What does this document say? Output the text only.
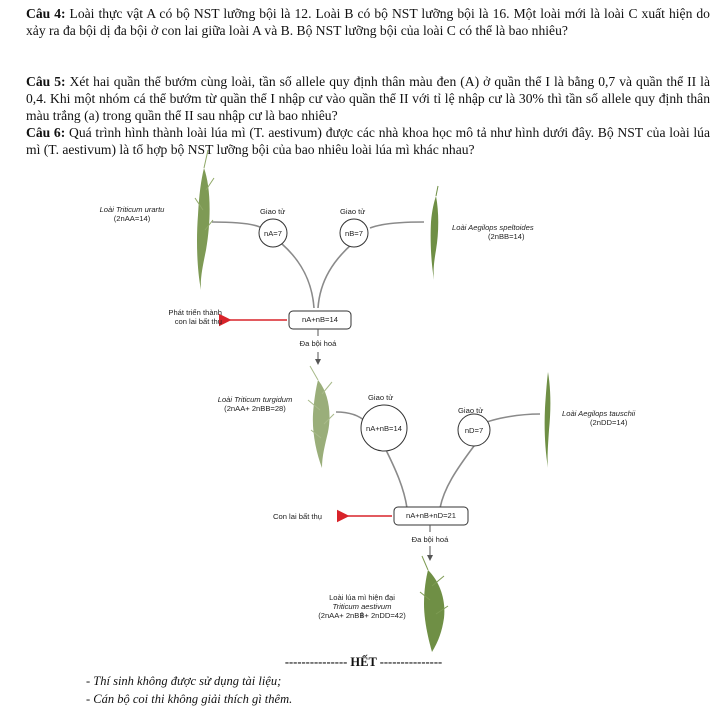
Câu 4: Loài thực vật A có bộ NST lưỡng bội là 12. Loài B có bộ NST lưỡng bội là 16. Một loài mới là loài C xuất hiện do xảy ra đa bội dị đa bội ở con lai giữa loài A và B. Bộ NST lưỡng bội của loài C có thể là bao nhiêu?
Câu 5: Xét hai quần thể bướm cùng loài, tần số allele quy định thân màu đen (A) ở quần thể I là bằng 0,7 và quần thể II là 0,4. Khi một nhóm cá thể bướm từ quần thể I nhập cư vào quần thể II với tỉ lệ nhập cư là 30% thì tần số allele quy định thân màu trắng (a) trong quần thể II sau nhập cư là bao nhiêu?
Câu 6: Quá trình hình thành loài lúa mì (T. aestivum) được các nhà khoa học mô tả như hình dưới đây. Bộ NST của loài lúa mì (T. aestivum) là tổ hợp bộ NST lưỡng bội của bao nhiêu loài lúa mì khác nhau?
Loài Triticum urartu
(2nAA=14)
Giao tử	Giao tử
nA=7	nB=7
Loài Aegilops speltoides
(2nBB=14)
Phát triển thành
con lai bất thụ	nA+nB=14
Đa bội hoá
Loài Triticum turgidum
(2nAA+ 2nBB=28)
Giao tử
Giao tử
nA+nB=14	nD=7
Loài Aegilops tauschii
(2nDD=14)
Con lai bất thụ	nA+nB+nD=21
Đa bội hoá
Loài lúa mì hiện đại
Triticum aestivum
(2nAA+ 2nBB+ 2nDD=42)
--------------- HẾT ---------------
- Thí sinh không được sử dụng tài liệu;
- Cán bộ coi thi không giải thích gì thêm.
